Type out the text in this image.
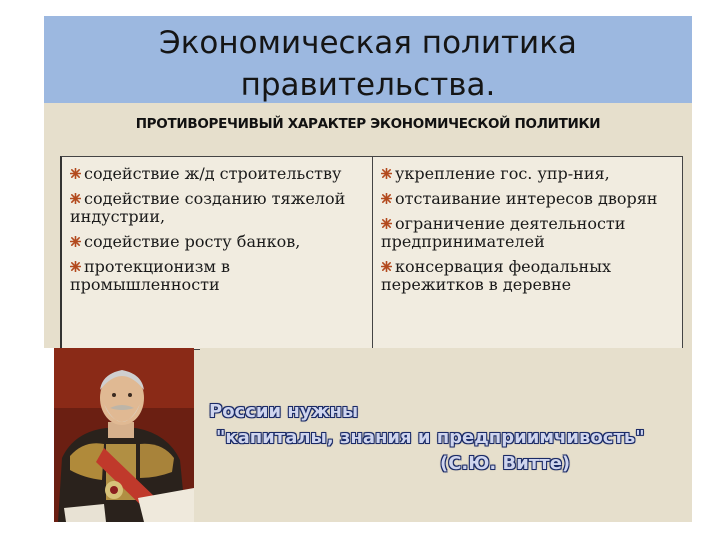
Экономическая политика правительства.

ПРОТИВОРЕЧИВЫЙ ХАРАКТЕР ЭКОНОМИЧЕСКОЙ ПОЛИТИКИ

содействие ж/д строительству
содействие созданию тяжелой индустрии,
содействие росту банков,
протекционизм в промышленности
укрепление гос. упр-ния,
отстаивание интересов дворян
ограничение деятельности предпринимателей
консервация феодальных пережитков в деревне
России нужны
"капиталы, знания и предприимчивость"
(С.Ю. Витте)
